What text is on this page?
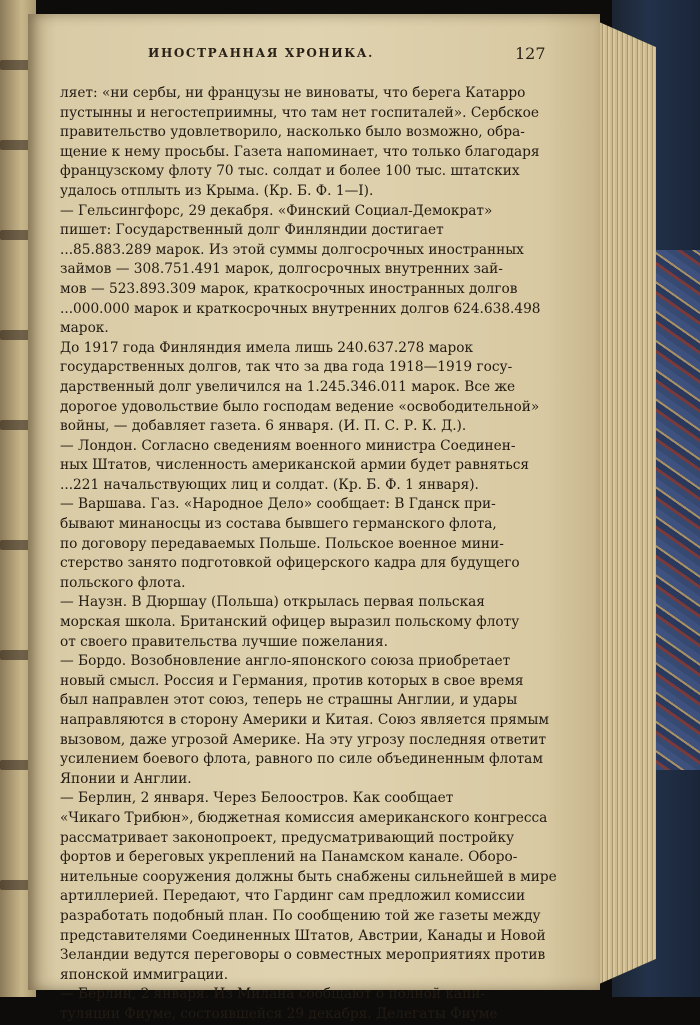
ИНОСТРАННАЯ ХРОНИКА.	127
ляет: «ни сербы, ни французы не виноваты, что берега Катарро
пустынны и негостеприимны, что там нет госпиталей». Сербское
правительство удовлетворило, насколько было возможно, обра-
щение к нему просьбы. Газета напоминает, что только благодаря
французскому флоту 70 тыс. солдат и более 100 тыс. штатских
удалось отплыть из Крыма. (Кр. Б. Ф. 1—I).
— Гельсингфорс, 29 декабря. «Финский Социал-Демократ»
пишет: Государственный долг Финляндии достигает
...85.883.289 марок. Из этой суммы долгосрочных иностранных
займов — 308.751.491 марок, долгосрочных внутренних зай-
мов — 523.893.309 марок, краткосрочных иностранных долгов
...000.000 марок и краткосрочных внутренних долгов 624.638.498
марок.
До 1917 года Финляндия имела лишь 240.637.278 марок
государственных долгов, так что за два года 1918—1919 госу-
дарственный долг увеличился на 1.245.346.011 марок. Все же
дорогое удовольствие было господам ведение «освободительной»
войны, — добавляет газета. 6 января. (И. П. С. Р. К. Д.).
— Лондон. Согласно сведениям военного министра Соединен-
ных Штатов, численность американской армии будет равняться
...221 начальствующих лиц и солдат. (Кр. Б. Ф. 1 января).
— Варшава. Газ. «Народное Дело» сообщает: В Гданск при-
бывают минаносцы из состава бывшего германского флота,
по договору передаваемых Польше. Польское военное мини-
стерство занято подготовкой офицерского кадра для будущего
польского флота.
— Наузн. В Дюршау (Польша) открылась первая польская
морская школа. Британский офицер выразил польскому флоту
от своего правительства лучшие пожелания.
— Бордо. Возобновление англо-японского союза приобретает
новый смысл. Россия и Германия, против которых в свое время
был направлен этот союз, теперь не страшны Англии, и удары
направляются в сторону Америки и Китая. Союз является прямым
вызовом, даже угрозой Америке. На эту угрозу последняя ответит
усилением боевого флота, равного по силе объединенным флотам
Японии и Англии.
— Берлин, 2 января. Через Белоостров. Как сообщает
«Чикаго Трибюн», бюджетная комиссия американского конгресса
рассматривает законопроект, предусматривающий постройку
фортов и береговых укреплений на Панамском канале. Оборо-
нительные сооружения должны быть снабжены сильнейшей в мире
артиллерией. Передают, что Гардинг сам предложил комиссии
разработать подобный план. По сообщению той же газеты между
представителями Соединенных Штатов, Австрии, Канады и Новой
Зеландии ведутся переговоры о совместных мероприятиях против
японской иммиграции.
— Берлин, 2 января. Из Милана сообщают о полной капи-
туляции Фиуме, состоявшейся 29 декабря. Делегаты Фиуме
